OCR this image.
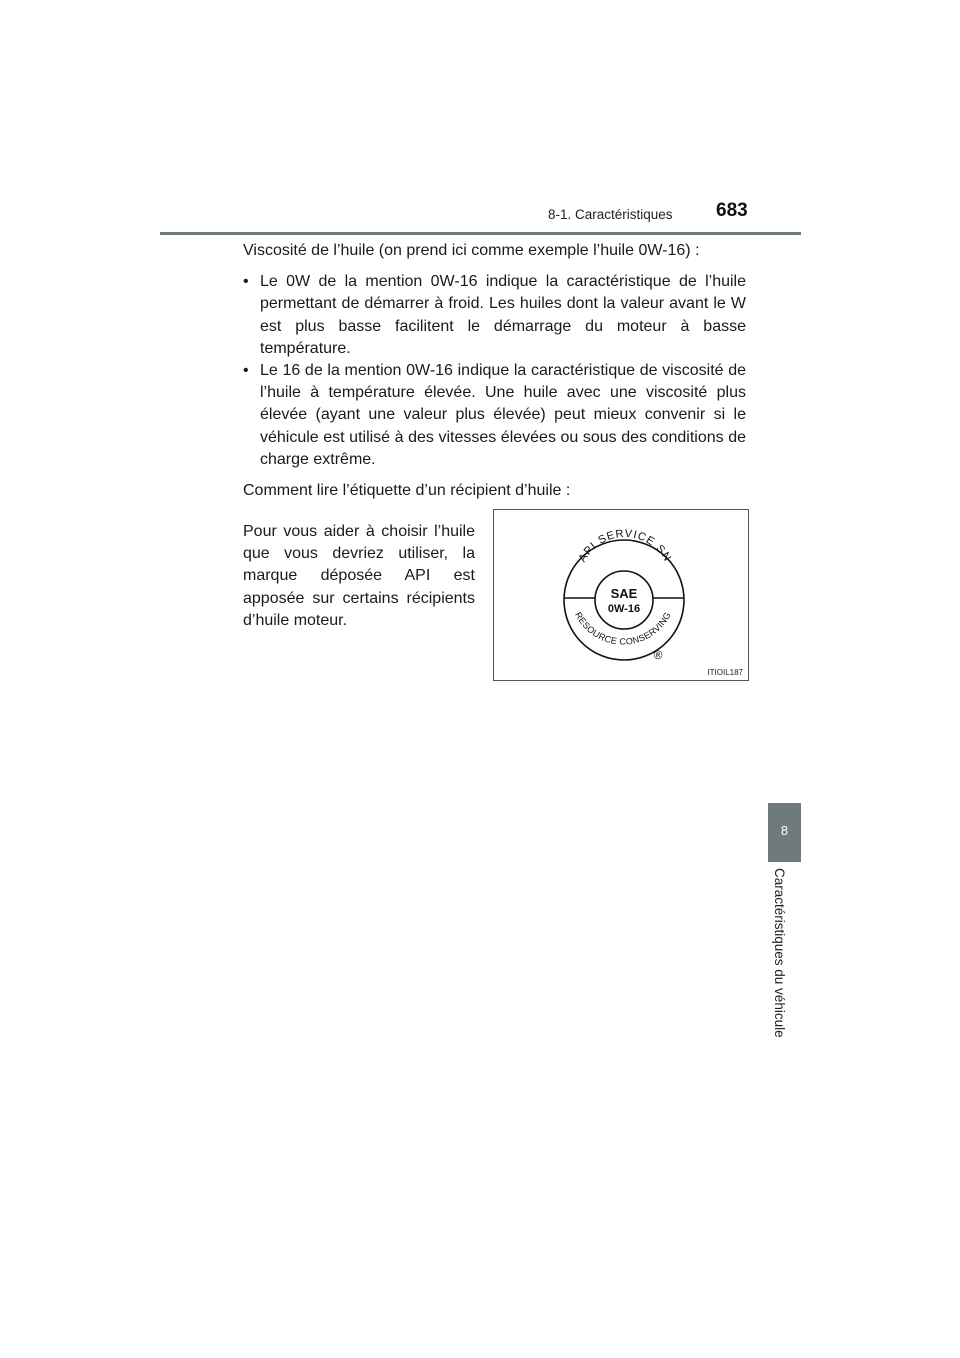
8-1. Caractéristiques 683

Viscosité de l’huile (on prend ici comme exemple l’huile 0W-16) :

• Le 0W de la mention 0W-16 indique la caractéristique de l’huile permettant de démarrer à froid. Les huiles dont la valeur avant le W est plus basse facilitent le démarrage du moteur à basse température.
• Le 16 de la mention 0W-16 indique la caractéristique de viscosité de l’huile à température élevée. Une huile avec une viscosité plus élevée (ayant une valeur plus élevée) peut mieux convenir si le véhicule est utilisé à des vitesses élevées ou sous des conditions de charge extrême.

Comment lire l’étiquette d’un récipient d’huile :

Pour vous aider à choisir l’huile que vous devriez utiliser, la marque déposée API est apposée sur certains récipients d’huile moteur.

API SERVICE SN
RESOURCE CONSERVING
SAE
0W-16
®
ITIOIL187
8
Caractéristiques du véhicule
